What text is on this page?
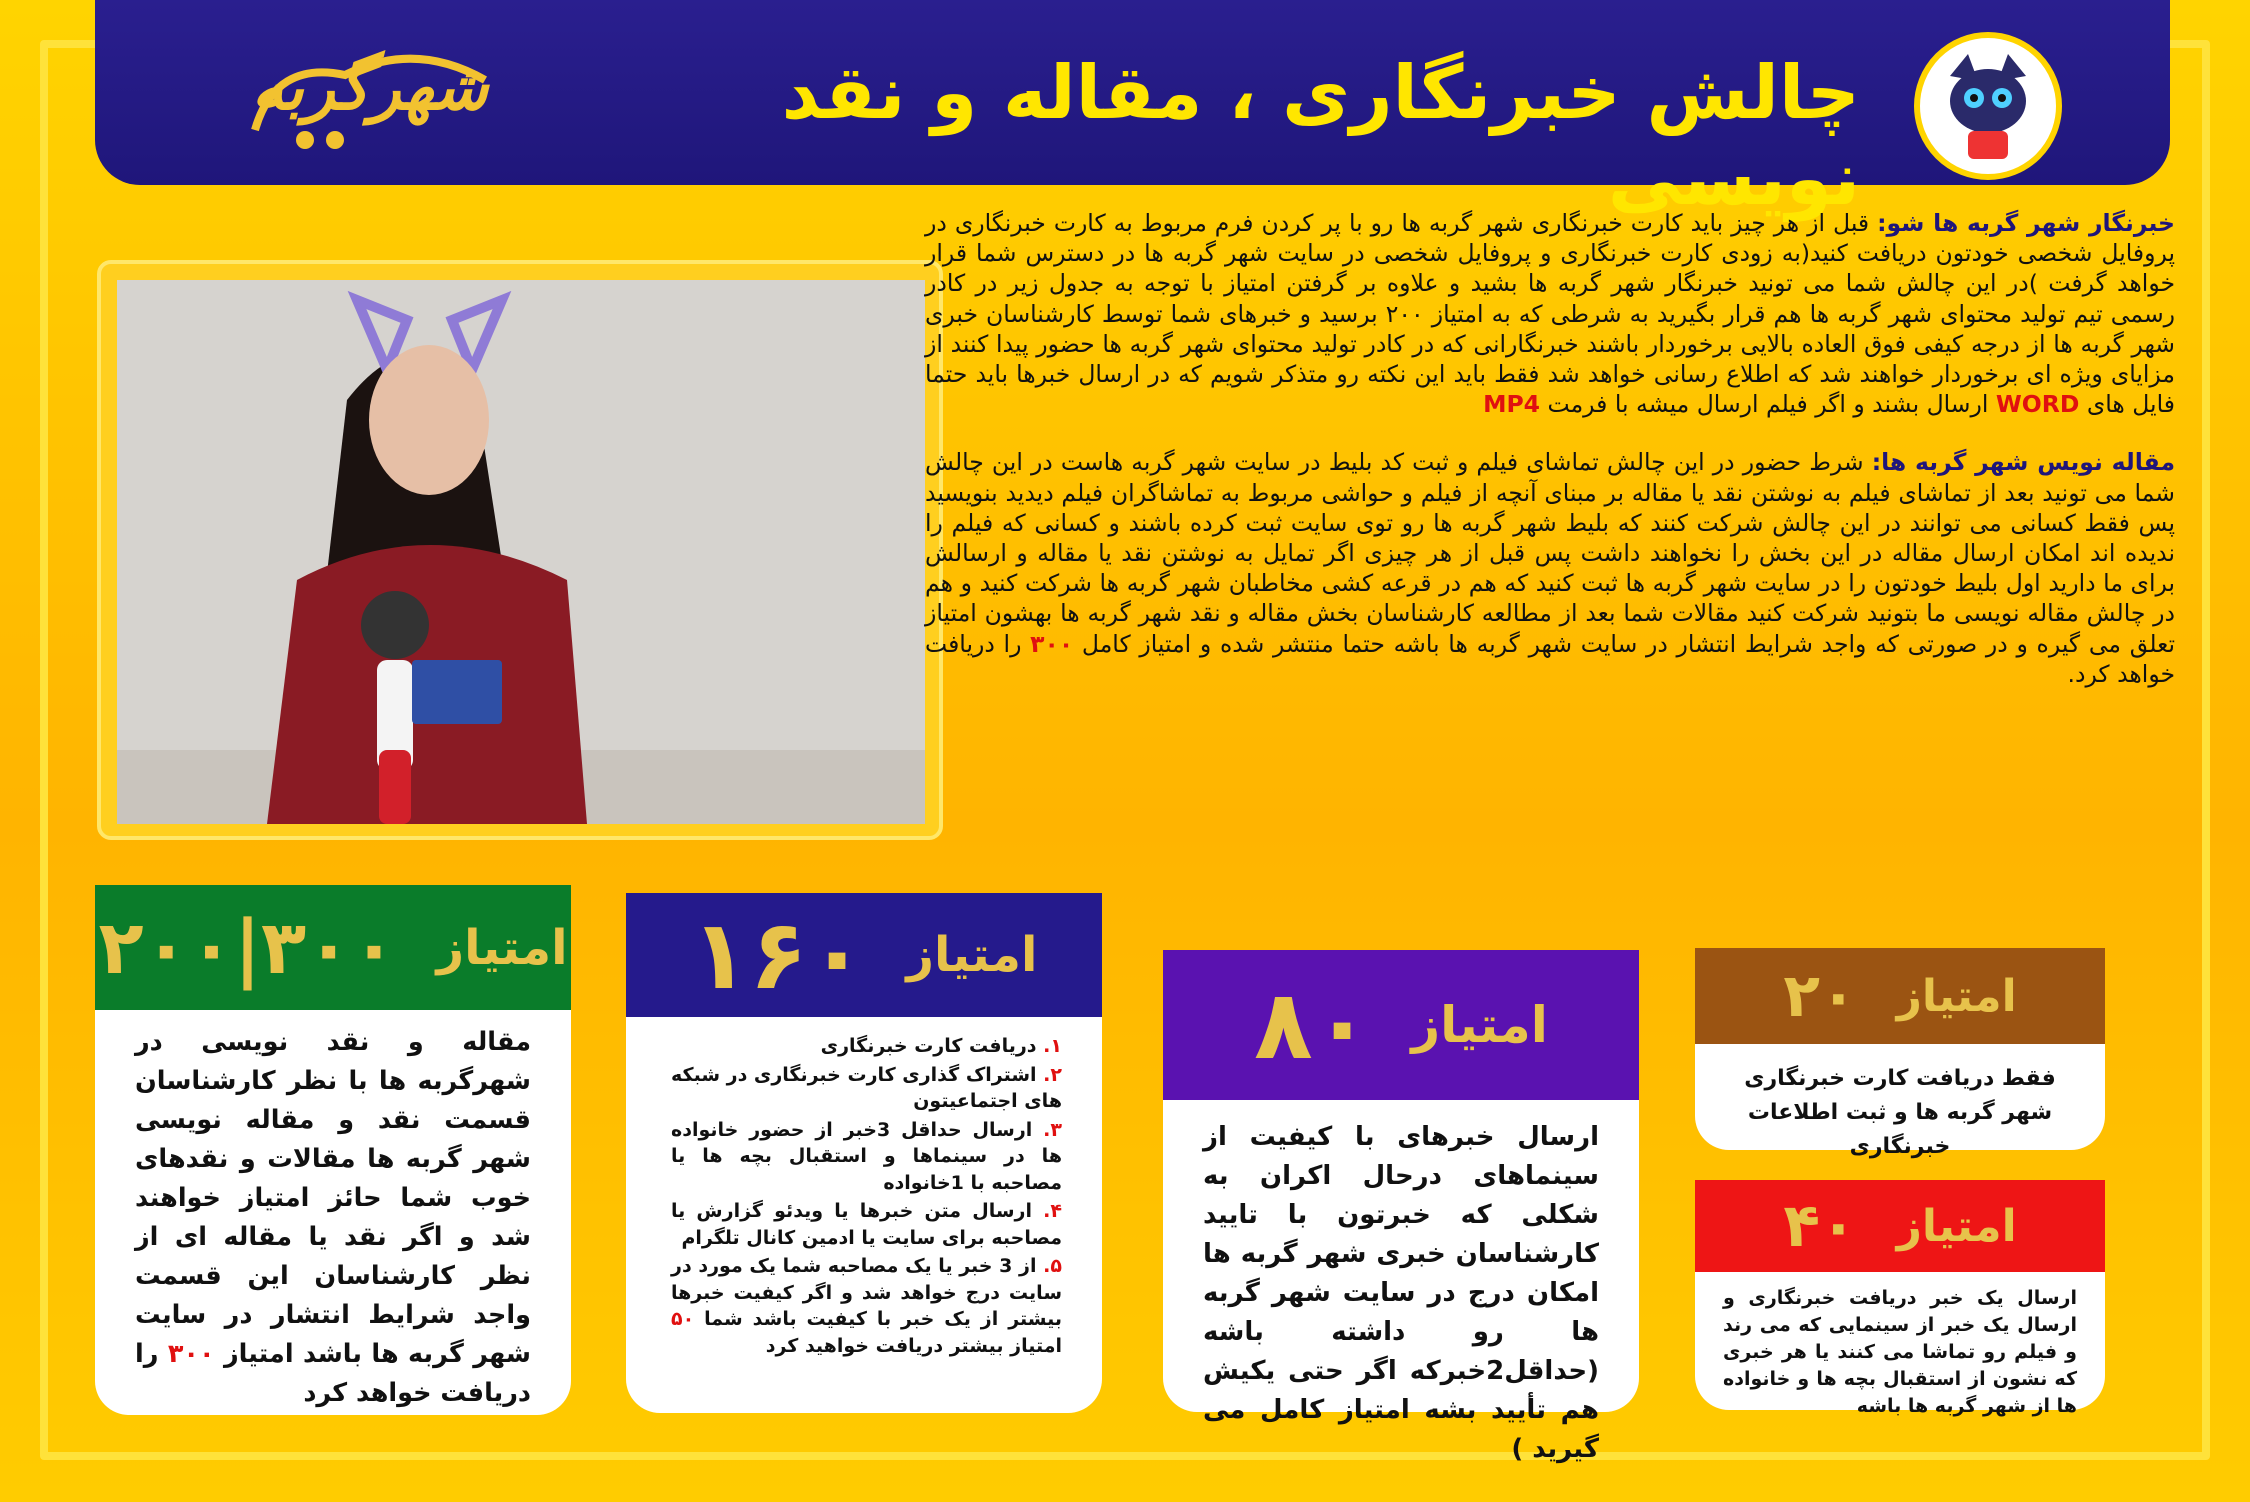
شهرگربه	چالش خبرنگاری ، مقاله و نقد نویسی

خبرنگار شهر گربه ها شو: قبل از هر چیز باید کارت خبرنگاری شهر گربه ها رو با پر کردن فرم مربوط به کارت خبرنگاری در پروفایل شخصی خودتون دریافت کنید(به زودی کارت خبرنگاری و پروفایل شخصی در سایت شهر گربه ها در دسترس شما قرار خواهد گرفت )در این چالش شما می تونید خبرنگار شهر گربه ها بشید و علاوه بر گرفتن امتیاز با توجه به جدول زیر در کادر رسمی تیم تولید محتوای شهر گربه ها هم قرار بگیرید به شرطی که به امتیاز ۲۰۰ برسید و خبرهای شما توسط کارشناسان خبری شهر گربه ها از درجه کیفی فوق العاده بالایی برخوردار باشند خبرنگارانی که در کادر تولید محتوای شهر گربه ها حضور پیدا کنند از مزایای ویژه ای برخوردار خواهند شد که اطلاع رسانی خواهد شد فقط باید این نکته رو متذکر شویم که در ارسال خبرها باید حتما فایل های WORD ارسال بشند و اگر فیلم ارسال میشه با فرمت MP4

مقاله نویس شهر گربه ها: شرط حضور در این چالش تماشای فیلم و ثبت کد بلیط در سایت شهر گربه هاست در این چالش شما می تونید بعد از تماشای فیلم به نوشتن نقد یا مقاله بر مبنای آنچه از فیلم و حواشی مربوط به تماشاگران فیلم دیدید بنویسید پس فقط کسانی می توانند در این چالش شرکت کنند که بلیط شهر گربه ها رو توی سایت ثبت کرده باشند و کسانی که فیلم را ندیده اند امکان ارسال مقاله در این بخش را نخواهند داشت پس قبل از هر چیزی اگر تمایل به نوشتن نقد یا مقاله و ارسالش برای ما دارید اول بلیط خودتون را در سایت شهر گربه ها ثبت کنید که هم در قرعه کشی مخاطبان شهر گربه ها شرکت کنید و هم در چالش مقاله نویسی ما بتونید شرکت کنید مقالات شما بعد از مطالعه کارشناسان بخش مقاله و نقد شهر گربه ها بهشون امتیاز تعلق می گیره و در صورتی که واجد شرایط انتشار در سایت شهر گربه ها باشه حتما منتشر شده و امتیاز کامل ۳۰۰ را دریافت خواهد کرد.

امتیاز
۲۰
فقط دریافت کارت خبرنگاری شهر گربه ها و ثبت اطلاعات خبرنگاری
امتیاز
۴۰
ارسال یک خبر دریافت خبرنگاری و ارسال یک خبر از سینمایی که می رند و فیلم رو تماشا می کنند یا هر خبری که نشون از استقبال بچه ها و خانواده ها از شهر گربه ها باشه
امتیاز
۸۰
ارسال خبرهای با کیفیت از سینماهای درحال اکران به شکلی که خبرتون با تایید کارشناسان خبری شهر گربه ها امکان درج در سایت شهر گربه ها رو داشته باشه (حداقل2خبرکه اگر حتی یکیش هم تأیید بشه امتیاز کامل می گیرید )
امتیاز
۱۶۰
۱. دریافت کارت خبرنگاری
۲. اشتراک گذاری کارت خبرنگاری در شبکه های اجتماعیتون
۳. ارسال حداقل 3خبر از حضور خانواده ها در سینماها و استقبال بچه ها یا مصاحبه با 1خانواده
۴. ارسال متن خبرها یا ویدئو گزارش یا مصاحبه برای سایت یا ادمین کانال تلگرام
۵. از 3 خبر یا یک مصاحبه شما یک مورد در سایت درج خواهد شد و اگر کیفیت خبرها بیشتر از یک خبر با کیفیت باشد شما ۵۰ امتیاز بیشتر دریافت خواهید کرد
امتیاز
۳۰۰|۲۰۰
مقاله و نقد نویسی در شهرگربه ها با نظر کارشناسان قسمت نقد و مقاله نویسی شهر گربه ها مقالات و نقدهای خوب شما حائز امتیاز خواهند شد و اگر نقد یا مقاله ای از نظر کارشناسان این قسمت واجد شرایط انتشار در سایت شهر گربه ها باشد امتیاز ۳۰۰ را دریافت خواهد کرد
